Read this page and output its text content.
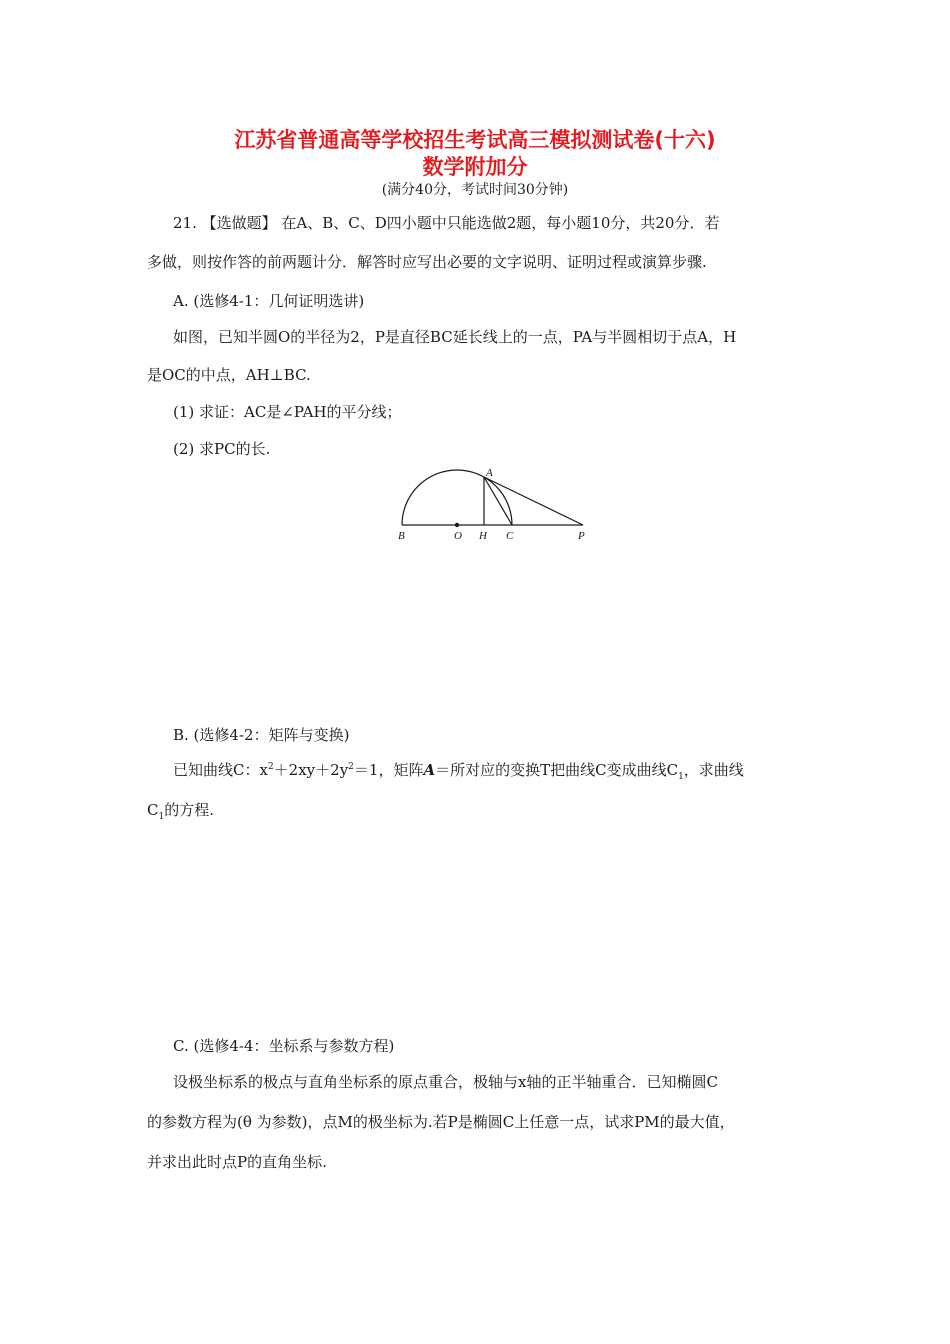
江苏省普通高等学校招生考试高三模拟测试卷(十六)
数学附加分
(满分40分，考试时间30分钟)
21. 【选做题】 在A、B、C、D四小题中只能选做2题，每小题10分，共20分．若
多做，则按作答的前两题计分．解答时应写出必要的文字说明、证明过程或演算步骤.
A. (选修4-1：几何证明选讲)
如图，已知半圆O的半径为2，P是直径BC延长线上的一点，PA与半圆相切于点A，H
是OC的中点，AH⊥BC.
(1) 求证：AC是∠PAH的平分线；
(2) 求PC的长.
A
B	O H C	P
B. (选修4-2：矩阵与变换)
已知曲线C：$x^2+2xy+2y^2=1$，矩阵A＝所对应的变换T把曲线C变成曲线$C_1$，求曲线
$C_1$的方程.
C. (选修4-4：坐标系与参数方程)
设极坐标系的极点与直角坐标系的原点重合，极轴与x轴的正半轴重合．已知椭圆C
的参数方程为(θ 为参数)，点M的极坐标为.若P是椭圆C上任意一点，试求PM的最大值，
并求出此时点P的直角坐标.
